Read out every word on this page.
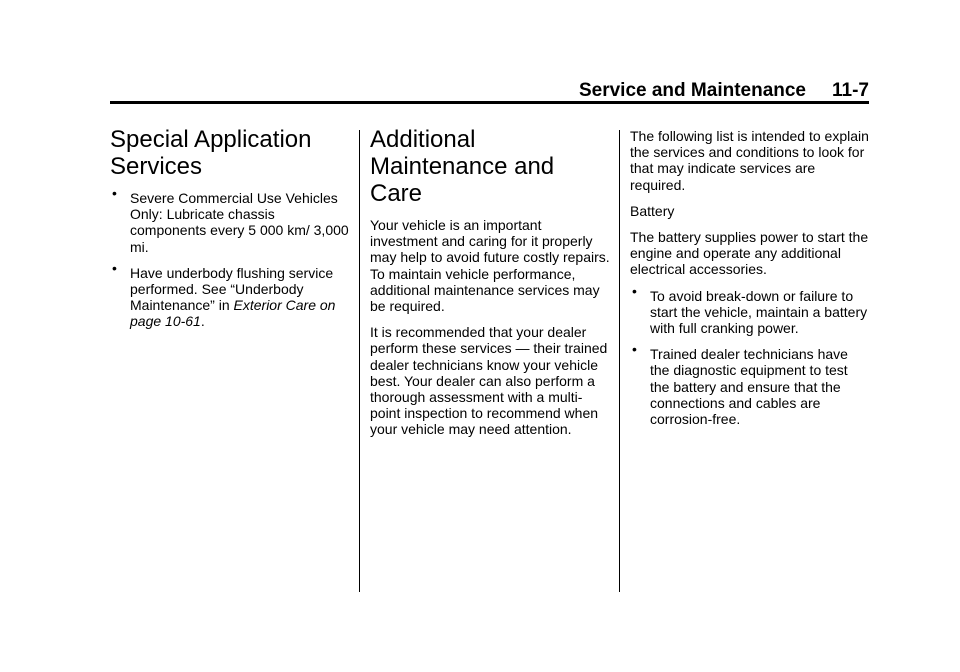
Service and Maintenance 11-7
Special Application
Services
• Severe Commercial Use Vehicles Only: Lubricate chassis components every 5 000 km/ 3,000 mi.
• Have underbody flushing service performed. See “Underbody Maintenance” in Exterior Care on page 10-61.
Additional
Maintenance and Care

Your vehicle is an important investment and caring for it properly may help to avoid future costly repairs. To maintain vehicle performance, additional maintenance services may be required.

It is recommended that your dealer perform these services — their trained dealer technicians know your vehicle best. Your dealer can also perform a thorough assessment with a multi-point inspection to recommend when your vehicle may need attention.

The following list is intended to explain the services and conditions to look for that may indicate services are required.

Battery

The battery supplies power to start the engine and operate any additional electrical accessories.

• To avoid break-down or failure to start the vehicle, maintain a battery with full cranking power.
• Trained dealer technicians have the diagnostic equipment to test the battery and ensure that the connections and cables are corrosion-free.
